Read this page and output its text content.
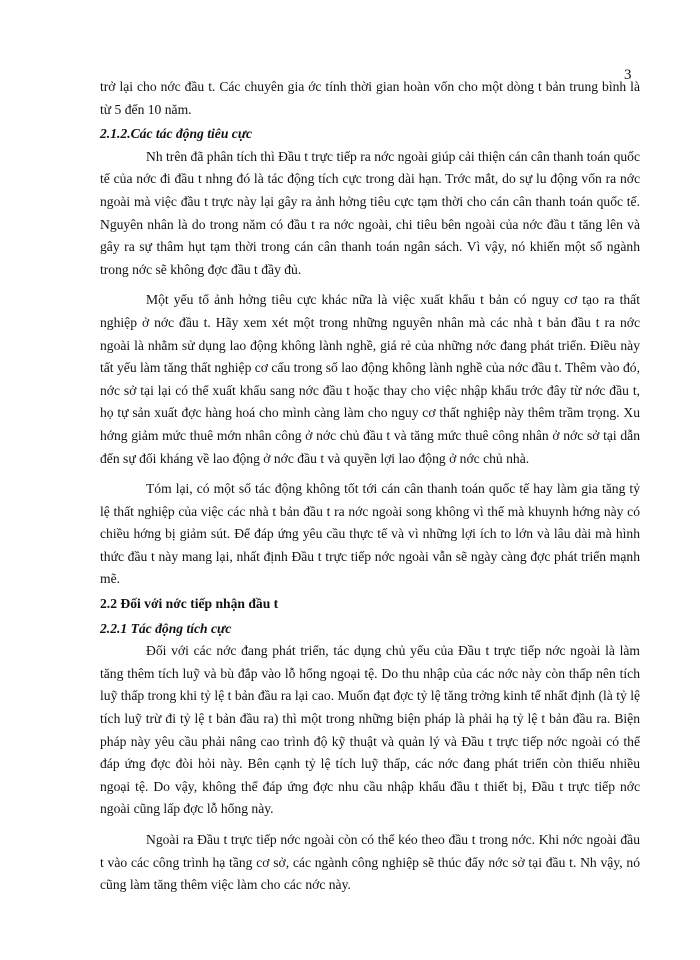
3

trở lại cho nớc đầu t. Các chuyên gia ớc tính thời gian hoàn vốn cho một dòng t bản trung bình là từ 5 đến 10 năm.

2.1.2.Các tác động tiêu cực

Nh trên đã phân tích thì Đầu t trực tiếp ra nớc ngoài giúp cải thiện cán cân thanh toán quốc tế của nớc đi đầu t nhng đó là tác động tích cực trong dài hạn. Trớc mắt, do sự lu động vốn ra nớc ngoài mà việc đầu t trực này lại gây ra ảnh hởng tiêu cực tạm thời cho cán cân thanh toán quốc tế. Nguyên nhân là do trong năm có đầu t ra nớc ngoài, chi tiêu bên ngoài của nớc đầu t tăng lên và gây ra sự thâm hụt tạm thời trong cán cân thanh toán ngân sách. Vì vậy, nó khiến một số ngành trong nớc sẽ không đợc đầu t đầy đủ.

Một yếu tố ảnh hởng tiêu cực khác nữa là việc xuất khẩu t bản có nguy cơ tạo ra thất nghiệp ở nớc đầu t. Hãy xem xét một trong những nguyên nhân mà các nhà t bản đầu t ra nớc ngoài là nhằm sử dụng lao động không lành nghề, giá rẻ của những nớc đang phát triển. Điều này tất yếu làm tăng thất nghiệp cơ cấu trong số lao động không lành nghề của nớc đầu t. Thêm vào đó, nớc sở tại lại có thể xuất khẩu sang nớc đầu t hoặc thay cho việc nhập khẩu trớc đây từ nớc đầu t, họ tự sản xuất đợc hàng hoá cho mình càng làm cho nguy cơ thất nghiệp này thêm trầm trọng. Xu hớng giảm mức thuê mớn nhân công ở nớc chủ đầu t và tăng mức thuê công nhân ở nớc sở tại dẫn đến sự đối kháng về lao động ở nớc đầu t và quyền lợi lao động ở nớc chủ nhà.

Tóm lại, có một số tác động không tốt tới cán cân thanh toán quốc tế hay làm gia tăng tỷ lệ thất nghiệp của việc các nhà t bản đầu t ra nớc ngoài song không vì thế mà khuynh hớng này có chiều hớng bị giảm sút. Để đáp ứng yêu cầu thực tế và vì những lợi ích to lớn và lâu dài mà hình thức đầu t này mang lại, nhất định Đầu t trực tiếp nớc ngoài vẫn sẽ ngày càng đợc phát triển mạnh mẽ.

2.2 Đối với nớc tiếp nhận đầu t

2.2.1 Tác động tích cực

Đối với các nớc đang phát triển, tác dụng chủ yếu của Đầu t trực tiếp nớc ngoài là làm tăng thêm tích luỹ và bù đắp vào lỗ hổng ngoại tệ. Do thu nhập của các nớc này còn thấp nên tích luỹ thấp trong khi tỷ lệ t bản đầu ra lại cao. Muốn đạt đợc tỷ lệ tăng trởng kinh tế nhất định (là tỷ lệ tích luỹ trừ đi tỷ lệ t bản đầu ra) thì một trong những biện pháp là phải hạ tỷ lệ t bản đầu ra. Biện pháp này yêu cầu phải nâng cao trình độ kỹ thuật và quản lý và Đầu t trực tiếp nớc ngoài có thể đáp ứng đợc đòi hỏi này. Bên cạnh tỷ lệ tích luỹ thấp, các nớc đang phát triển còn thiếu nhiều ngoại tệ. Do vậy, không thể đáp ứng đợc nhu cầu nhập khẩu đầu t thiết bị, Đầu t trực tiếp nớc ngoài cũng lấp đợc lỗ hổng này.

Ngoài ra Đầu t trực tiếp nớc ngoài còn có thể kéo theo đầu t trong nớc. Khi nớc ngoài đầu t vào các công trình hạ tầng cơ sở, các ngành công nghiệp sẽ thúc đẩy nớc sở tại đầu t. Nh vậy, nó cũng làm tăng thêm việc làm cho các nớc này.
